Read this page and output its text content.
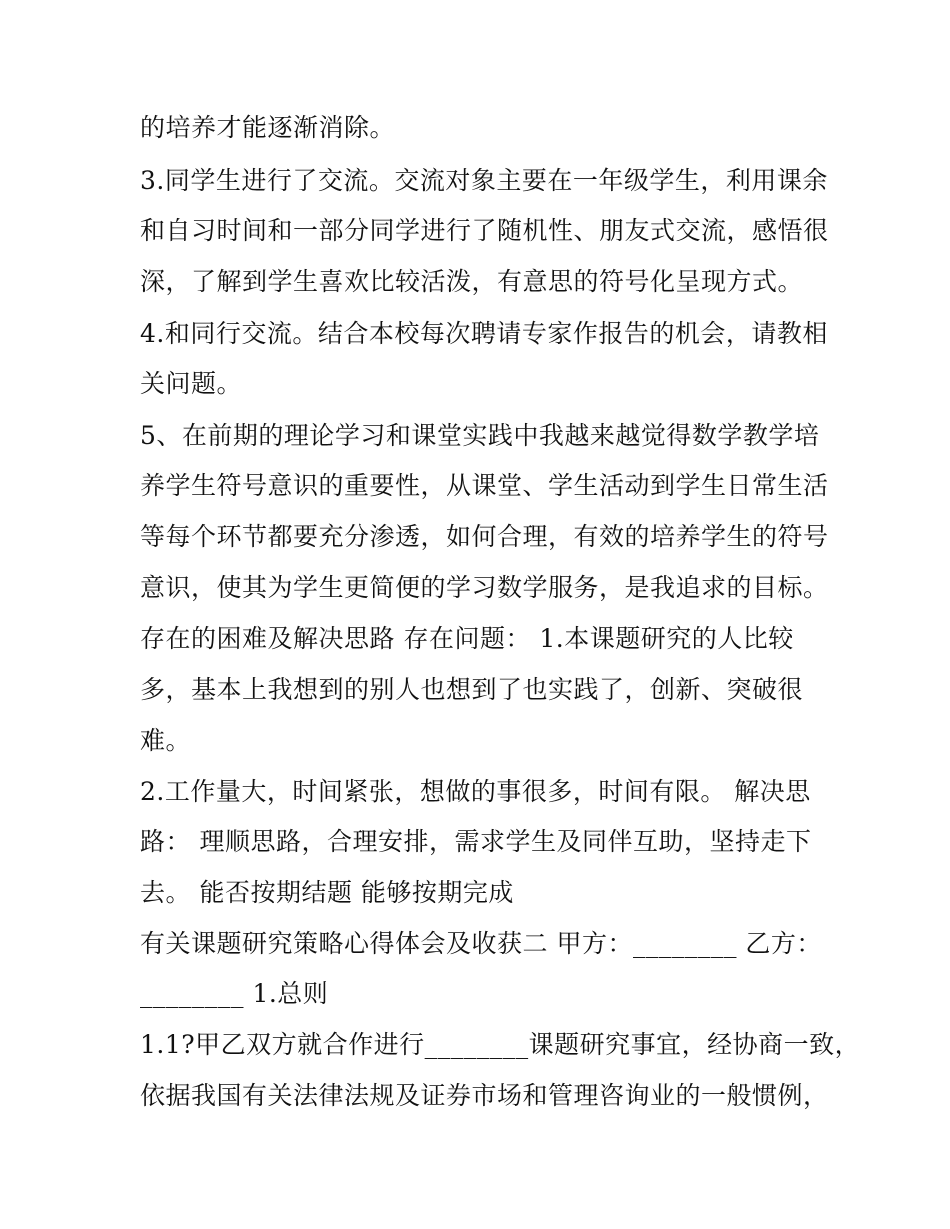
的培养才能逐渐消除。
3.同学生进行了交流。交流对象主要在一年级学生，利用课余
和自习时间和一部分同学进行了随机性、朋友式交流，感悟很
深，了解到学生喜欢比较活泼，有意思的符号化呈现方式。
4.和同行交流。结合本校每次聘请专家作报告的机会，请教相
关问题。
5、在前期的理论学习和课堂实践中我越来越觉得数学教学培
养学生符号意识的重要性，从课堂、学生活动到学生日常生活
等每个环节都要充分渗透，如何合理，有效的培养学生的符号
意识，使其为学生更简便的学习数学服务，是我追求的目标。
存在的困难及解决思路 存在问题： 1.本课题研究的人比较
多，基本上我想到的别人也想到了也实践了，创新、突破很
难。
2.工作量大，时间紧张，想做的事很多，时间有限。 解决思
路： 理顺思路，合理安排，需求学生及同伴互助，坚持走下
去。 能否按期结题 能够按期完成
有关课题研究策略心得体会及收获二 甲方：________ 乙方：
________ 1.总则
1.1?甲乙双方就合作进行________课题研究事宜，经协商一致，
依据我国有关法律法规及证券市场和管理咨询业的一般惯例，
